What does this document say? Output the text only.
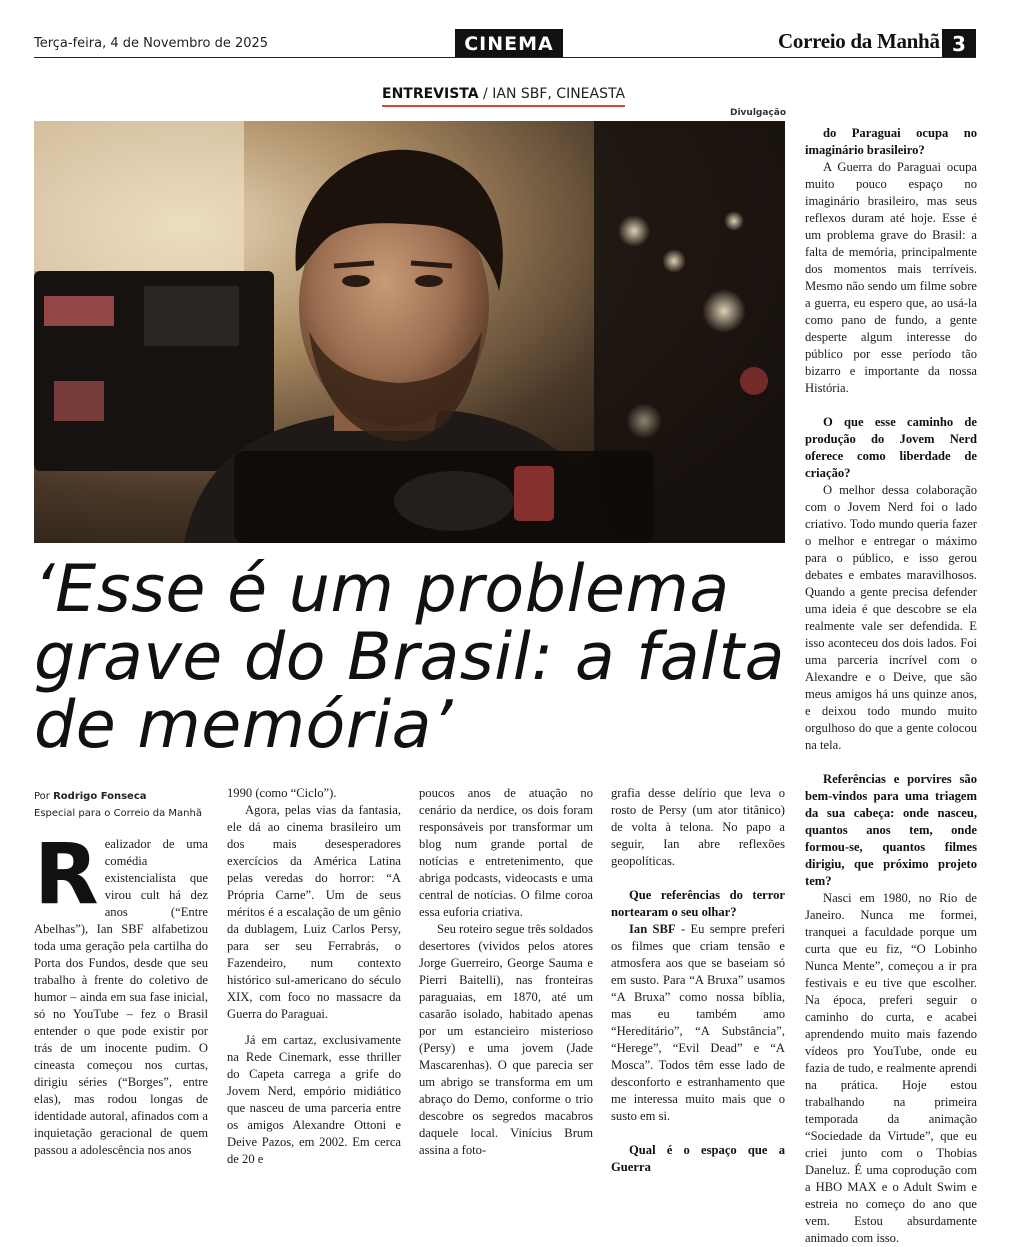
Terça-feira, 4 de Novembro de 2025	CINEMA	Correio da Manhã 3
ENTREVISTA / IAN SBF, CINEASTA
Divulgação
‘Esse é um problema grave do Brasil: a falta de memória’
Por Rodrigo Fonseca
Especial para o Correio da Manhã
R ealizador de uma comédia existencialista que virou cult há dez anos (“Entre Abelhas”), Ian SBF alfabetizou toda uma geração pela cartilha do Porta dos Fundos, desde que seu trabalho à frente do coletivo de humor – ainda em sua fase inicial, só no YouTube – fez o Brasil entender o que pode existir por trás de um inocente pudim. O cineasta começou nos curtas, dirigiu séries (“Borges”, entre elas), mas rodou longas de identidade autoral, afinados com a inquietação geracional de quem passou a adolescência nos anos

1990 (como “Ciclo”).

Agora, pelas vias da fantasia, ele dá ao cinema brasileiro um dos mais desesperadores exercícios da América Latina pelas veredas do horror: “A Própria Carne”. Um de seus méritos é a escalação de um gênio da dublagem, Luiz Carlos Persy, para ser seu Ferrabrás, o Fazendeiro, num contexto histórico sul-americano do século XIX, com foco no massacre da Guerra do Paraguai.

Já em cartaz, exclusivamente na Rede Cinemark, esse thriller do Capeta carrega a grife do Jovem Nerd, empório midiático que nasceu de uma parceria entre os amigos Alexandre Ottoni e Deive Pazos, em 2002. Em cerca de 20 e

poucos anos de atuação no cenário da nerdice, os dois foram responsáveis por transformar um blog num grande portal de notícias e entretenimento, que abriga podcasts, videocasts e uma central de notícias. O filme coroa essa euforia criativa.

Seu roteiro segue três soldados desertores (vividos pelos atores Jorge Guerreiro, George Sauma e Pierri Baitelli), nas fronteiras paraguaias, em 1870, até um casarão isolado, habitado apenas por um estancieiro misterioso (Persy) e uma jovem (Jade Mascarenhas). O que parecia ser um abrigo se transforma em um abraço do Demo, conforme o trio descobre os segredos macabros daquele local. Vinícius Brum assina a foto-

grafia desse delírio que leva o rosto de Persy (um ator titânico) de volta à telona. No papo a seguir, Ian abre reflexões geopolíticas.

Que referências do terror nortearam o seu olhar?

Ian SBF - Eu sempre preferi os filmes que criam tensão e atmosfera aos que se baseiam só em susto. Para “A Bruxa” usamos “A Bruxa” como nossa bíblia, mas eu também amo “Hereditário”, “A Substância”, “Herege”, “Evil Dead” e “A Mosca”. Todos têm esse lado de desconforto e estranhamento que me interessa muito mais que o susto em si.

Qual é o espaço que a Guerra

do Paraguai ocupa no imaginário brasileiro?

A Guerra do Paraguai ocupa muito pouco espaço no imaginário brasileiro, mas seus reflexos duram até hoje. Esse é um problema grave do Brasil: a falta de memória, principalmente dos momentos mais terríveis. Mesmo não sendo um filme sobre a guerra, eu espero que, ao usá-la como pano de fundo, a gente desperte algum interesse do público por esse período tão bizarro e importante da nossa História.

O que esse caminho de produção do Jovem Nerd oferece como liberdade de criação?

O melhor dessa colaboração com o Jovem Nerd foi o lado criativo. Todo mundo queria fazer o melhor e entregar o máximo para o público, e isso gerou debates e embates maravilhosos. Quando a gente precisa defender uma ideia é que descobre se ela realmente vale ser defendida. E isso aconteceu dos dois lados. Foi uma parceria incrível com o Alexandre e o Deive, que são meus amigos há uns quinze anos, e deixou todo mundo muito orgulhoso do que a gente colocou na tela.

Referências e porvires são bem-vindos para uma triagem da sua cabeça: onde nasceu, quantos anos tem, onde formou-se, quantos filmes dirigiu, que próximo projeto tem?

Nasci em 1980, no Rio de Janeiro. Nunca me formei, tranquei a faculdade porque um curta que eu fiz, “O Lobinho Nunca Mente”, começou a ir pra festivais e eu tive que escolher. Na época, preferi seguir o caminho do curta, e acabei aprendendo muito mais fazendo vídeos pro YouTube, onde eu fazia de tudo, e realmente aprendi na prática. Hoje estou trabalhando na primeira temporada da animação “Sociedade da Virtude”, que eu criei junto com o Thobias Daneluz. É uma coprodução com a HBO MAX e o Adult Swim e estreia no começo do ano que vem. Estou absurdamente animado com isso.
